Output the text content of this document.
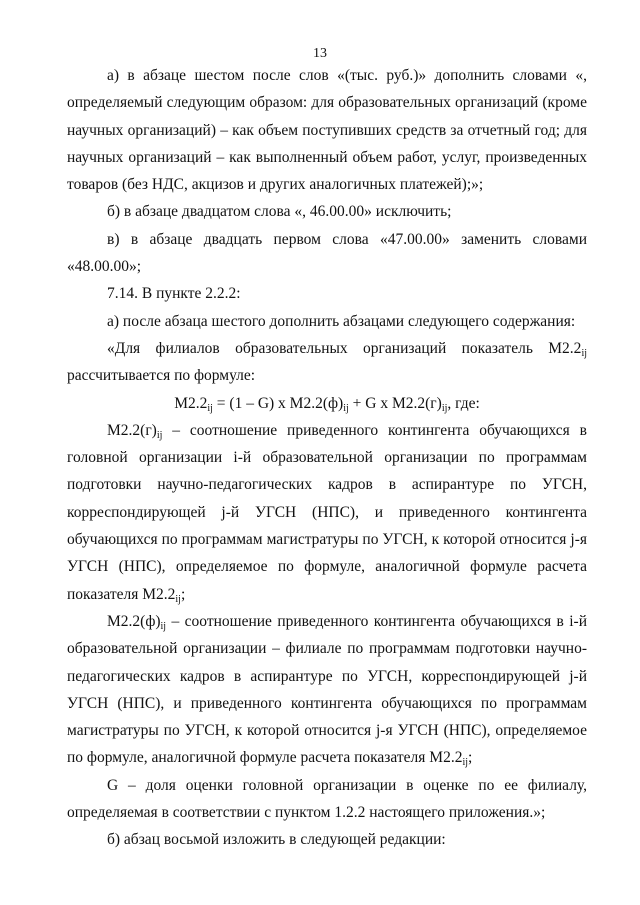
13

а) в абзаце шестом после слов «(тыс. руб.)» дополнить словами «, определяемый следующим образом: для образовательных организаций (кроме научных организаций) – как объем поступивших средств за отчетный год; для научных организаций – как выполненный объем работ, услуг, произведенных товаров (без НДС, акцизов и других аналогичных платежей);»;

б) в абзаце двадцатом слова «, 46.00.00» исключить;

в) в абзаце двадцать первом слова «47.00.00» заменить словами «48.00.00»;

7.14. В пункте 2.2.2:

а) после абзаца шестого дополнить абзацами следующего содержания:

«Для филиалов образовательных организаций показатель $М2.2_{ij}$ рассчитывается по формуле:

$М2.2_{ij} = (1 - G)$ x $М2.2(ф)_{ij} + G$ x $М2.2(г)_{ij}$, где:

$М2.2(г)_{ij}$ – соотношение приведенного контингента обучающихся в головной организации i-й образовательной организации по программам подготовки научно-педагогических кадров в аспирантуре по УГСН, корреспондирующей j-й УГСН (НПС), и приведенного контингента обучающихся по программам магистратуры по УГСН, к которой относится j-я УГСН (НПС), определяемое по формуле, аналогичной формуле расчета показателя $М2.2_{ij}$;

$М2.2(ф)_{ij}$ – соотношение приведенного контингента обучающихся в i-й образовательной организации – филиале по программам подготовки научно-педагогических кадров в аспирантуре по УГСН, корреспондирующей j-й УГСН (НПС), и приведенного контингента обучающихся по программам магистратуры по УГСН, к которой относится j-я УГСН (НПС), определяемое по формуле, аналогичной формуле расчета показателя $М2.2_{ij}$;

G – доля оценки головной организации в оценке по ее филиалу, определяемая в соответствии с пунктом 1.2.2 настоящего приложения.»;

б) абзац восьмой изложить в следующей редакции:
